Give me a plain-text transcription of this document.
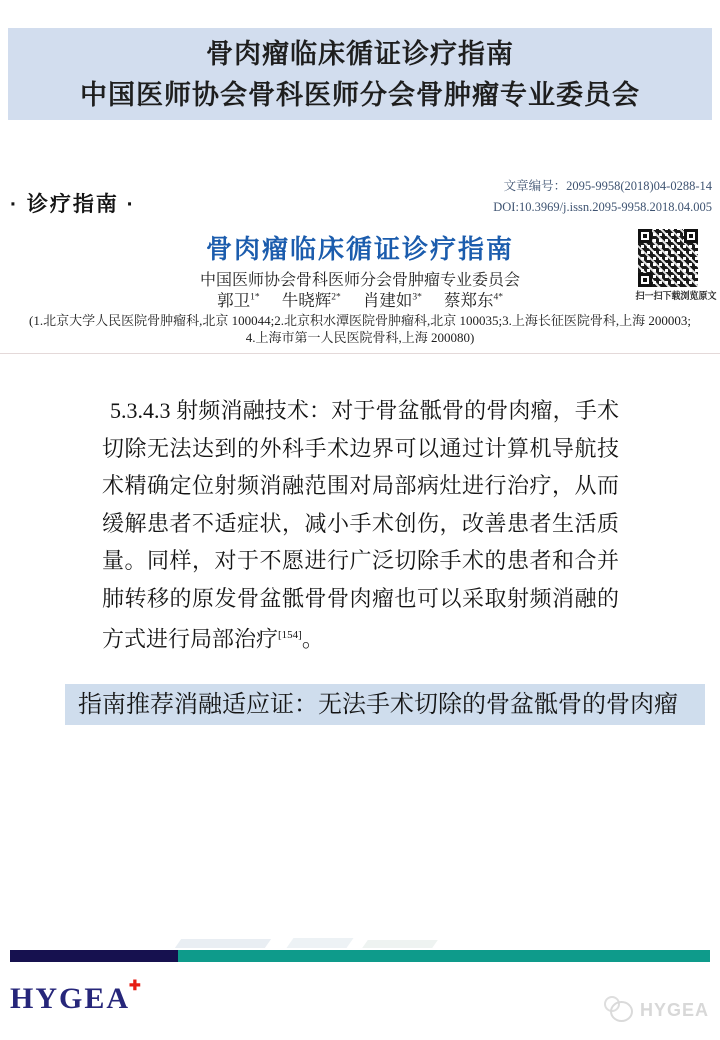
骨肉瘤临床循证诊疗指南
中国医师协会骨科医师分会骨肿瘤专业委员会
· 诊疗指南 ·
文章编号：2095-9958(2018)04-0288-14
DOI:10.3969/j.issn.2095-9958.2018.04.005
骨肉瘤临床循证诊疗指南
中国医师协会骨科医师分会骨肿瘤专业委员会
郭卫$^{1*}$ 牛晓辉$^{2*}$ 肖建如$^{3*}$ 蔡郑东$^{4*}$
(1.北京大学人民医院骨肿瘤科,北京 100044;2.北京积水潭医院骨肿瘤科,北京 100035;3.上海长征医院骨科,上海 200003;
4.上海市第一人民医院骨科,上海 200080)
扫一扫下载浏览原文
5.3.4.3 射频消融技术：对于骨盆骶骨的骨肉瘤，手术切除无法达到的外科手术边界可以通过计算机导航技术精确定位射频消融范围对局部病灶进行治疗，从而缓解患者不适症状，减小手术创伤，改善患者生活质量。同样，对于不愿进行广泛切除手术的患者和合并肺转移的原发骨盆骶骨骨肉瘤也可以采取射频消融的方式进行局部治疗[154]。
指南推荐消融适应证：无法手术切除的骨盆骶骨的骨肉瘤
HYGEA✚
HYGEA
